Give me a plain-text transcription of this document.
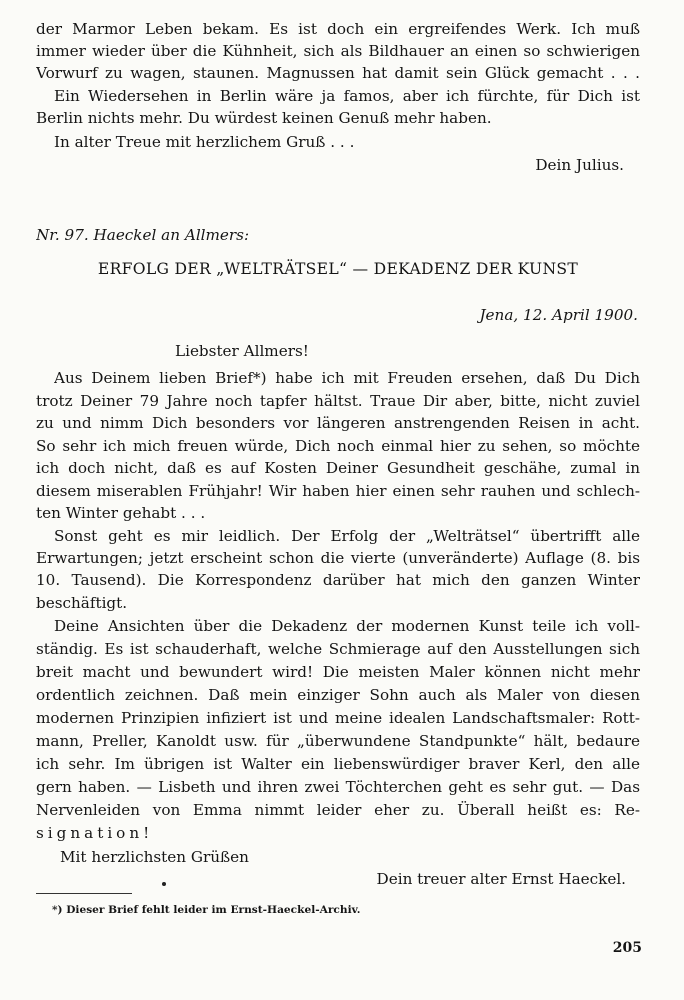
der Marmor Leben bekam. Es ist doch ein ergreifendes Werk. Ich muß
immer wieder über die Kühnheit, sich als Bildhauer an einen so schwierigen
Vorwurf zu wagen, staunen. Magnussen hat damit sein Glück gemacht . . .
Ein Wiedersehen in Berlin wäre ja famos, aber ich fürchte, für Dich ist
Berlin nichts mehr. Du würdest keinen Genuß mehr haben.
In alter Treue mit herzlichem Gruß . . .
Dein Julius.
Nr. 97. Haeckel an Allmers:
ERFOLG DER „WELTRÄTSEL“ — DEKADENZ DER KUNST
Jena, 12. April 1900.
Liebster Allmers!
Aus Deinem lieben Brief*) habe ich mit Freuden ersehen, daß Du Dich
trotz Deiner 79 Jahre noch tapfer hältst. Traue Dir aber, bitte, nicht zuviel
zu und nimm Dich besonders vor längeren anstrengenden Reisen in acht.
So sehr ich mich freuen würde, Dich noch einmal hier zu sehen, so möchte
ich doch nicht, daß es auf Kosten Deiner Gesundheit geschähe, zumal in
diesem miserablen Frühjahr! Wir haben hier einen sehr rauhen und schlech-
ten Winter gehabt . . .
Sonst geht es mir leidlich. Der Erfolg der „Welträtsel“ übertrifft alle
Erwartungen; jetzt erscheint schon die vierte (unveränderte) Auflage (8. bis
10. Tausend). Die Korrespondenz darüber hat mich den ganzen Winter
beschäftigt.
Deine Ansichten über die Dekadenz der modernen Kunst teile ich voll-
ständig. Es ist schauderhaft, welche Schmierage auf den Ausstellungen sich
breit macht und bewundert wird! Die meisten Maler können nicht mehr
ordentlich zeichnen. Daß mein einziger Sohn auch als Maler von diesen
modernen Prinzipien infiziert ist und meine idealen Landschaftsmaler: Rott-
mann, Preller, Kanoldt usw. für „überwundene Standpunkte“ hält, bedaure
ich sehr. Im übrigen ist Walter ein liebenswürdiger braver Kerl, den alle
gern haben. — Lisbeth und ihren zwei Töchterchen geht es sehr gut. — Das
Nervenleiden von Emma nimmt leider eher zu. Überall heißt es: Re-
signation!
Mit herzlichsten Grüßen
Dein treuer alter Ernst Haeckel.
*) Dieser Brief fehlt leider im Ernst-Haeckel-Archiv.
205
